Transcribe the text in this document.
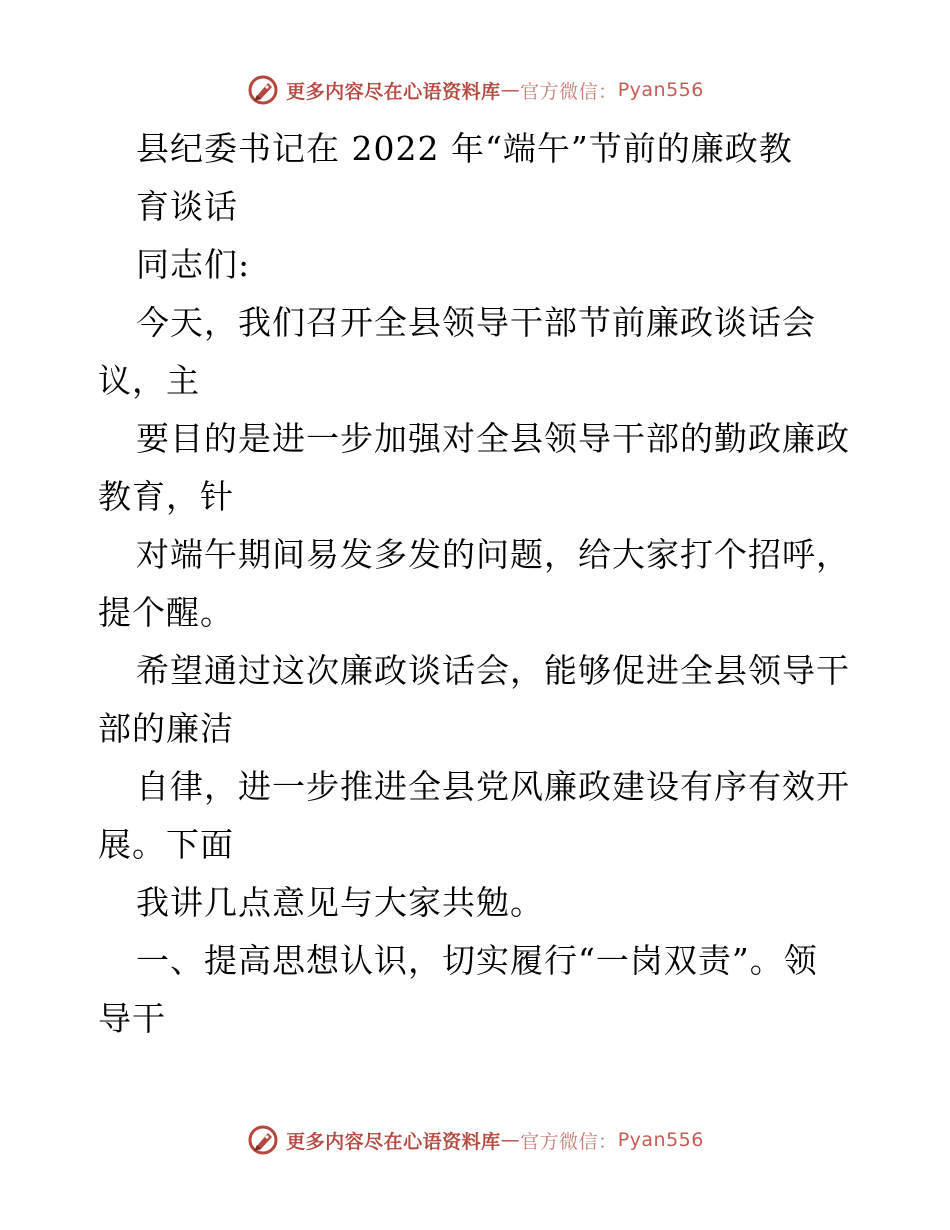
更多内容尽在心语资料库 — 官方微信： Pyan556
县纪委书记在 2022 年“端午”节前的廉政教
育谈话
同志们:
今天，我们召开全县领导干部节前廉政谈话会
议，主
要目的是进一步加强对全县领导干部的勤政廉政
教育，针
对端午期间易发多发的问题，给大家打个招呼，
提个醒。
希望通过这次廉政谈话会，能够促进全县领导干
部的廉洁
自律，进一步推进全县党风廉政建设有序有效开
展。下面
我讲几点意见与大家共勉。
一、提高思想认识，切实履行“一岗双责”。领
导干
更多内容尽在心语资料库 — 官方微信： Pyan556
